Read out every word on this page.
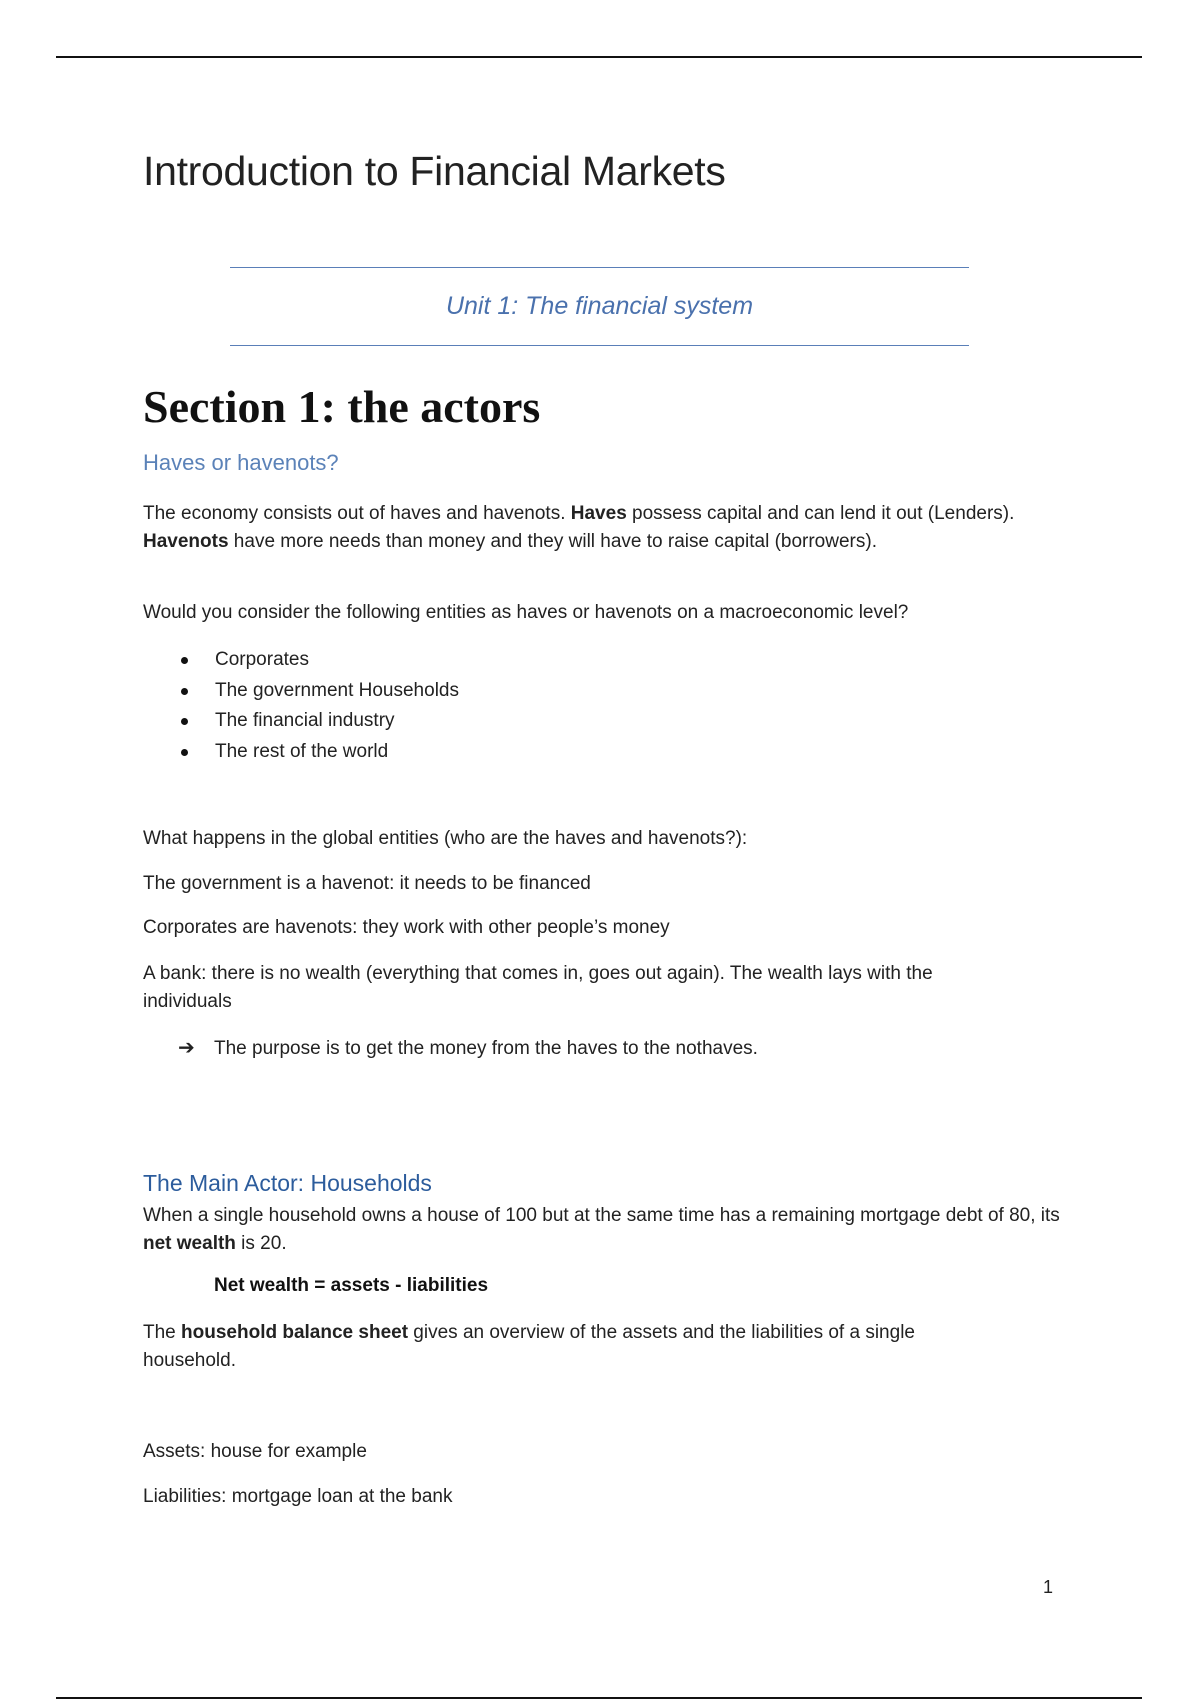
Introduction to Financial Markets
Unit 1: The financial system
Section 1: the actors
Haves or havenots?

The economy consists out of haves and havenots. Haves possess capital and can lend it out (Lenders). Havenots have more needs than money and they will have to raise capital (borrowers).

Would you consider the following entities as haves or havenots on a macroeconomic level?

Corporates
The government Households
The financial industry
The rest of the world

What happens in the global entities (who are the haves and havenots?):

The government is a havenot: it needs to be financed

Corporates are havenots: they work with other people’s money

A bank: there is no wealth (everything that comes in, goes out again). The wealth lays with the individuals

➔ The purpose is to get the money from the haves to the nothaves.
The Main Actor: Households

When a single household owns a house of 100 but at the same time has a remaining mortgage debt of 80, its net wealth is 20.

Net wealth = assets - liabilities

The household balance sheet gives an overview of the assets and the liabilities of a single household.

Assets: house for example

Liabilities: mortgage loan at the bank

1
